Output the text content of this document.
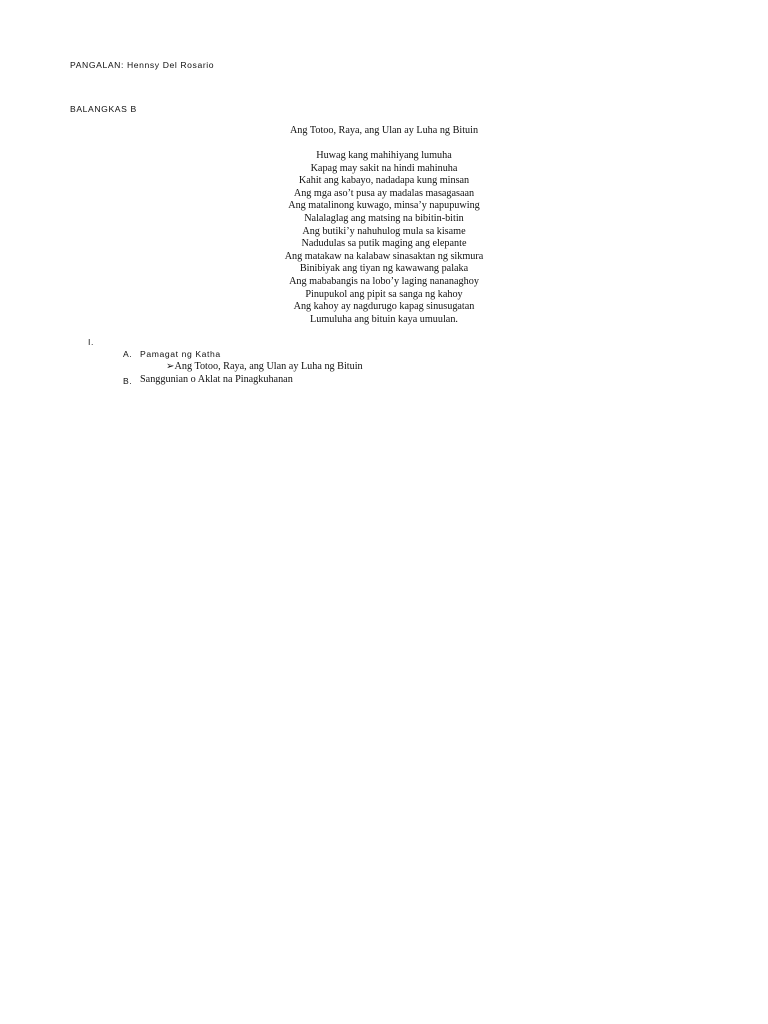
PANGALAN: Hennsy Del Rosario
BALANGKAS B
Ang Totoo, Raya, ang Ulan ay Luha ng Bituin
Huwag kang mahihiyang lumuha
Kapag may sakit na hindi mahinuha
Kahit ang kabayo, nadadapa kung minsan
Ang mga aso’t pusa ay madalas masagasaan
Ang matalinong kuwago, minsa’y napupuwing
Nalalaglag ang matsing na bibitin-bitin
Ang butiki’y nahuhulog mula sa kisame
Nadudulas sa putik maging ang elepante
Ang matakaw na kalabaw sinasaktan ng sikmura
Binibiyak ang tiyan ng kawawang palaka
Ang mababangis na lobo’y laging nananaghoy
Pinupukol ang pipit sa sanga ng kahoy
Ang kahoy ay nagdurugo kapag sinusugatan
Lumuluha ang bituin kaya umuulan.
I.
A. Pamagat ng Katha
➢Ang Totoo, Raya, ang Ulan ay Luha ng Bituin
B. Sanggunian o Aklat na Pinagkuhanan
